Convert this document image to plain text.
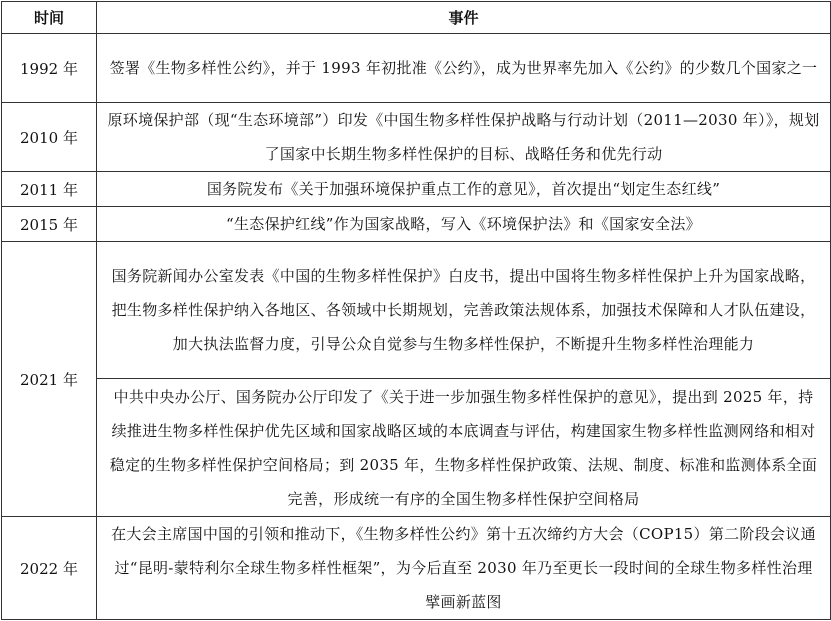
时间	事件
1992 年	签署《生物多样性公约》，并于 1993 年初批准《公约》，成为世界率先加入《公约》的少数几个国家之一
2010 年	原环境保护部（现“生态环境部”）印发《中国生物多样性保护战略与行动计划（2011—2030 年）》，规划了国家中长期生物多样性保护的目标、战略任务和优先行动
2011 年	国务院发布《关于加强环境保护重点工作的意见》，首次提出“划定生态红线”
2015 年	“生态保护红线”作为国家战略，写入《环境保护法》和《国家安全法》
2021 年	国务院新闻办公室发表《中国的生物多样性保护》白皮书，提出中国将生物多样性保护上升为国家战略，把生物多样性保护纳入各地区、各领域中长期规划，完善政策法规体系，加强技术保障和人才队伍建设，加大执法监督力度，引导公众自觉参与生物多样性保护，不断提升生物多样性治理能力
	中共中央办公厅、国务院办公厅印发了《关于进一步加强生物多样性保护的意见》，提出到 2025 年，持续推进生物多样性保护优先区域和国家战略区域的本底调查与评估，构建国家生物多样性监测网络和相对稳定的生物多样性保护空间格局；到 2035 年，生物多样性保护政策、法规、制度、标准和监测体系全面完善，形成统一有序的全国生物多样性保护空间格局
2022 年	在大会主席国中国的引领和推动下，《生物多样性公约》第十五次缔约方大会（COP15）第二阶段会议通过“昆明-蒙特利尔全球生物多样性框架”，为今后直至 2030 年乃至更长一段时间的全球生物多样性治理擘画新蓝图
